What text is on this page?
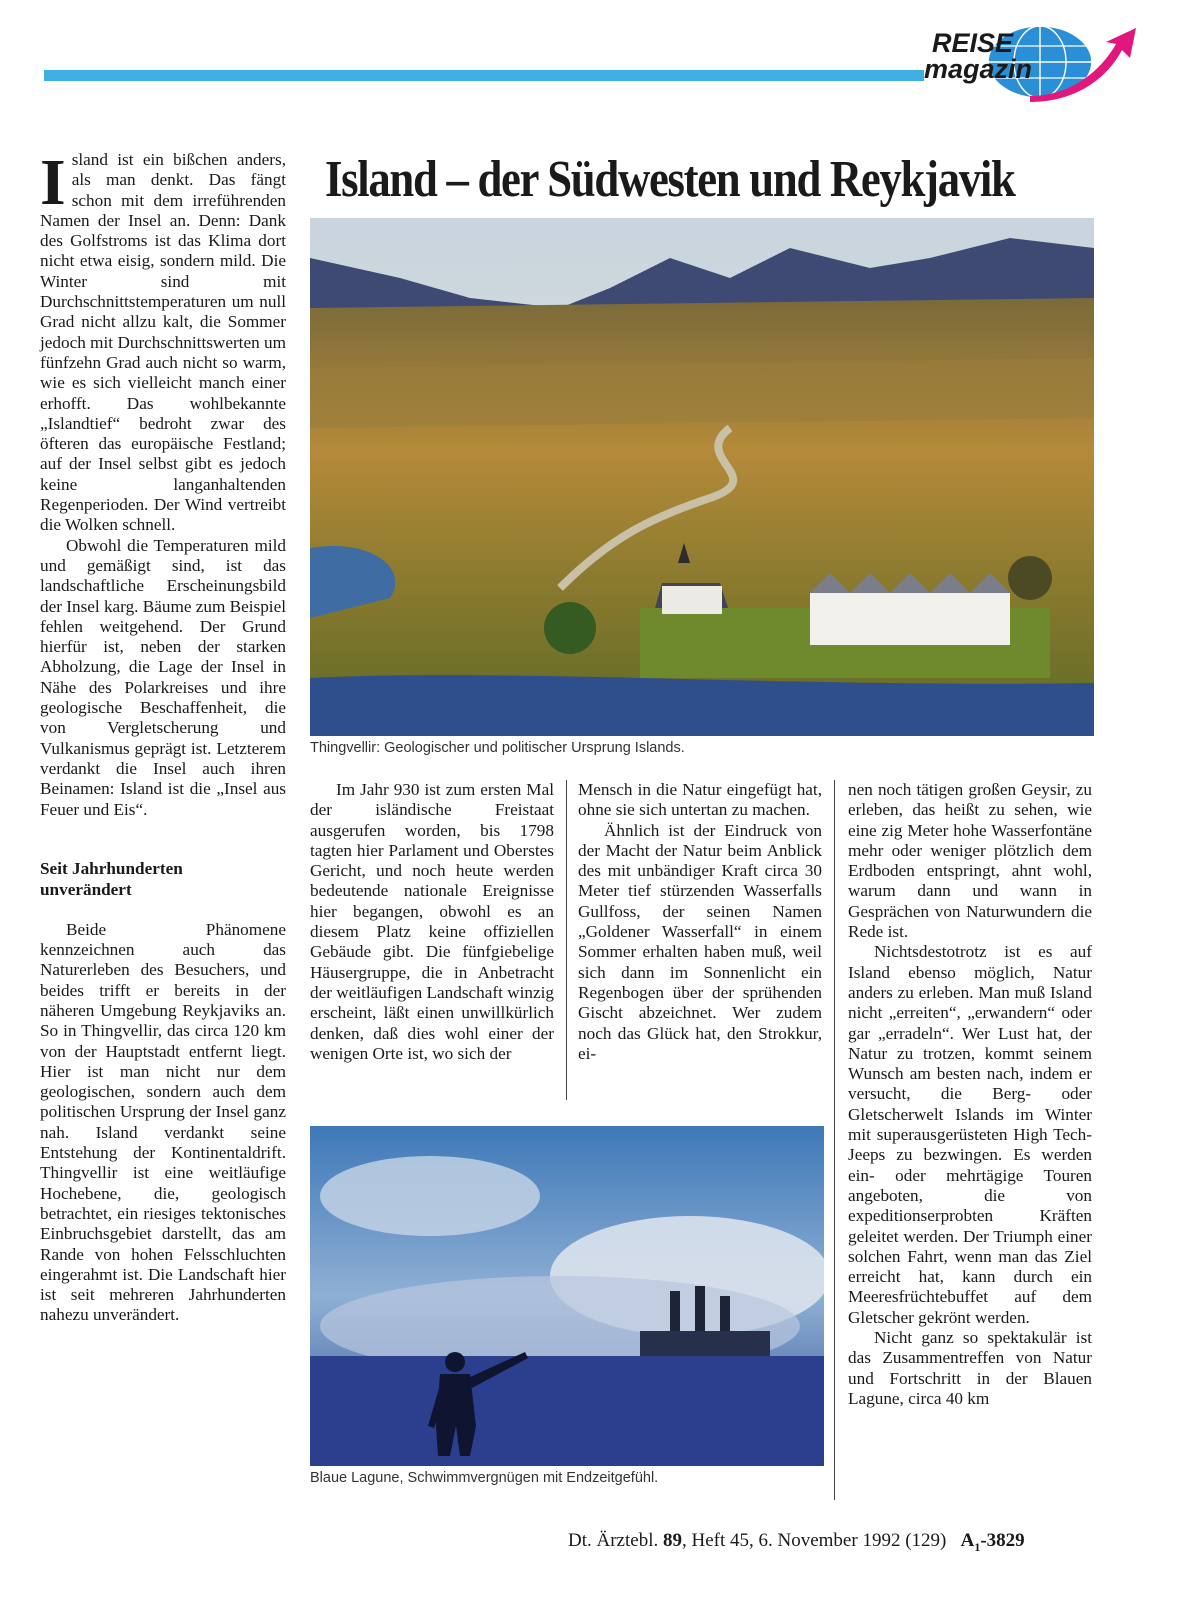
REISE
magazin
Island – der Südwesten und Reykjavik

Island ist ein bißchen anders, als man denkt. Das fängt schon mit dem irreführenden Namen der Insel an. Denn: Dank des Golfstroms ist das Klima dort nicht etwa eisig, sondern mild. Die Winter sind mit Durchschnittstemperaturen um null Grad nicht allzu kalt, die Sommer jedoch mit Durchschnittswerten um fünfzehn Grad auch nicht so warm, wie es sich vielleicht manch einer erhofft. Das wohlbekannte „Islandtief“ bedroht zwar des öfteren das europäische Festland; auf der Insel selbst gibt es jedoch keine langanhaltenden Regenperioden. Der Wind vertreibt die Wolken schnell.

Obwohl die Temperaturen mild und gemäßigt sind, ist das landschaftliche Erscheinungsbild der Insel karg. Bäume zum Beispiel fehlen weitgehend. Der Grund hierfür ist, neben der starken Abholzung, die Lage der Insel in Nähe des Polarkreises und ihre geologische Beschaffenheit, die von Vergletscherung und Vulkanismus geprägt ist. Letzterem verdankt die Insel auch ihren Beinamen: Island ist die „Insel aus Feuer und Eis“.

Seit Jahrhunderten unverändert

Beide Phänomene kennzeichnen auch das Naturerleben des Besuchers, und beides trifft er bereits in der näheren Umgebung Reykjaviks an. So in Thingvellir, das circa 120 km von der Hauptstadt entfernt liegt. Hier ist man nicht nur dem geologischen, sondern auch dem politischen Ursprung der Insel ganz nah. Island verdankt seine Entstehung der Kontinentaldrift. Thingvellir ist eine weitläufige Hochebene, die, geologisch betrachtet, ein riesiges tektonisches Einbruchsgebiet darstellt, das am Rande von hohen Felsschluchten eingerahmt ist. Die Landschaft hier ist seit mehreren Jahrhunderten nahezu unverändert.

Thingvellir: Geologischer und politischer Ursprung Islands.

Im Jahr 930 ist zum ersten Mal der isländische Freistaat ausgerufen worden, bis 1798 tagten hier Parlament und Oberstes Gericht, und noch heute werden bedeutende nationale Ereignisse hier begangen, obwohl es an diesem Platz keine offiziellen Gebäude gibt. Die fünfgiebelige Häusergruppe, die in Anbetracht der weitläufigen Landschaft winzig erscheint, läßt einen unwillkürlich denken, daß dies wohl einer der wenigen Orte ist, wo sich der

Mensch in die Natur eingefügt hat, ohne sie sich untertan zu machen.

Ähnlich ist der Eindruck von der Macht der Natur beim Anblick des mit unbändiger Kraft circa 30 Meter tief stürzenden Wasserfalls Gullfoss, der seinen Namen „Goldener Wasserfall“ in einem Sommer erhalten haben muß, weil sich dann im Sonnenlicht ein Regenbogen über der sprühenden Gischt abzeichnet. Wer zudem noch das Glück hat, den Strokkur, ei-

nen noch tätigen großen Geysir, zu erleben, das heißt zu sehen, wie eine zig Meter hohe Wasserfontäne mehr oder weniger plötzlich dem Erdboden entspringt, ahnt wohl, warum dann und wann in Gesprächen von Naturwundern die Rede ist.

Nichtsdestotrotz ist es auf Island ebenso möglich, Natur anders zu erleben. Man muß Island nicht „erreiten“, „erwandern“ oder gar „erradeln“. Wer Lust hat, der Natur zu trotzen, kommt seinem Wunsch am besten nach, indem er versucht, die Berg- oder Gletscherwelt Islands im Winter mit superausgerüsteten High Tech-Jeeps zu bezwingen. Es werden ein- oder mehrtägige Touren angeboten, die von expeditionserprobten Kräften geleitet werden. Der Triumph einer solchen Fahrt, wenn man das Ziel erreicht hat, kann durch ein Meeresfrüchtebuffet auf dem Gletscher gekrönt werden.

Nicht ganz so spektakulär ist das Zusammentreffen von Natur und Fortschritt in der Blauen Lagune, circa 40 km

Blaue Lagune, Schwimmvergnügen mit Endzeitgefühl.
Dt. Ärztebl. 89, Heft 45, 6. November 1992 (129) $A_1-3829$
